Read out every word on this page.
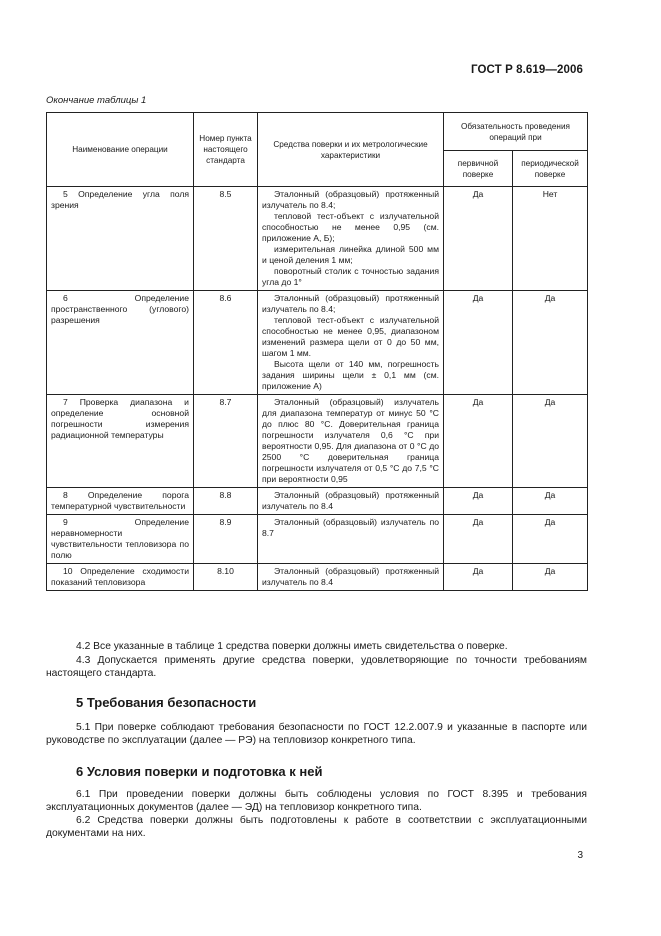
ГОСТ Р 8.619—2006
Окончание таблицы 1
Наименование операции	Номер пункта настоящего стандарта	Средства поверки и их метрологические характеристики	Обязательность проведения операций при	
			первичной поверке	периодической поверке
5 Определение угла поля зрения	8.5	Эталонный (образцовый) протяженный излучатель по 8.4;
тепловой тест-объект с излучательной способностью не менее 0,95 (см. приложение А, Б);
измерительная линейка длиной 500 мм и ценой деления 1 мм;
поворотный столик с точностью задания угла до 1°	Да	Нет
6 Определение пространственного (углового) разрешения	8.6	Эталонный (образцовый) протяженный излучатель по 8.4;
тепловой тест-объект с излучательной способностью не менее 0,95, диапазоном изменений размера щели от 0 до 50 мм, шагом 1 мм.
Высота щели от 140 мм, погрешность задания ширины щели ± 0,1 мм (см. приложение А)	Да	Да
7 Проверка диапазона и определение основной погрешности измерения радиационной температуры	8.7	Эталонный (образцовый) излучатель для диапазона температур от минус 50 °С до плюс 80 °С. Доверительная граница погрешности излучателя 0,6 °С при вероятности 0,95. Для диапазона от 0 °С до 2500 °С доверительная граница погрешности излучателя от 0,5 °С до 7,5 °С при вероятности 0,95	Да	Да
8 Определение порога температурной чувствительности	8.8	Эталонный (образцовый) протяженный излучатель по 8.4	Да	Да
9 Определение неравномерности чувствительности тепловизора по полю	8.9	Эталонный (образцовый) излучатель по 8.7	Да	Да
10 Определение сходимости показаний тепловизора	8.10	Эталонный (образцовый) протяженный излучатель по 8.4	Да	Да
4.2 Все указанные в таблице 1 средства поверки должны иметь свидетельства о поверке.
4.3 Допускается применять другие средства поверки, удовлетворяющие по точности требованиям настоящего стандарта.
5 Требования безопасности
5.1 При поверке соблюдают требования безопасности по ГОСТ 12.2.007.9 и указанные в паспорте или руководстве по эксплуатации (далее — РЭ) на тепловизор конкретного типа.
6 Условия поверки и подготовка к ней
6.1 При проведении поверки должны быть соблюдены условия по ГОСТ 8.395 и требования эксплуатационных документов (далее — ЭД) на тепловизор конкретного типа.
6.2 Средства поверки должны быть подготовлены к работе в соответствии с эксплуатационными документами на них.
3
